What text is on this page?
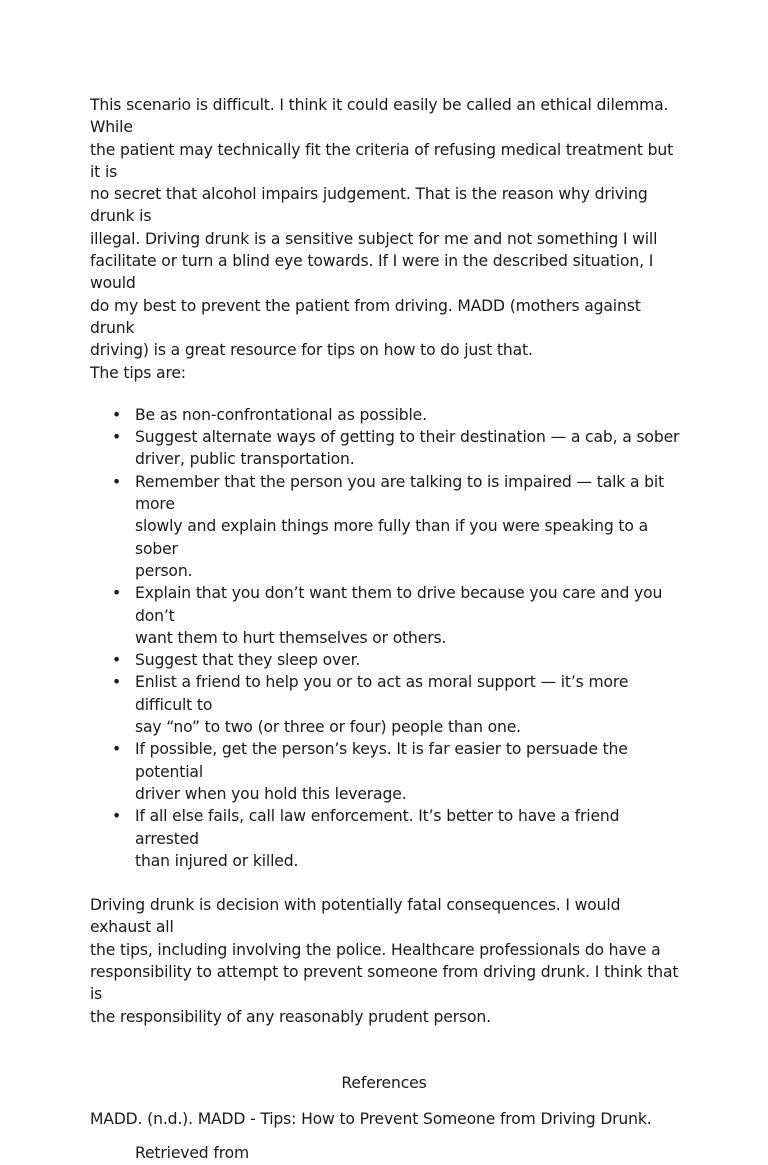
This scenario is difficult. I think it could easily be called an ethical dilemma. While
the patient may technically fit the criteria of refusing medical treatment but it is
no secret that alcohol impairs judgement. That is the reason why driving drunk is
illegal. Driving drunk is a sensitive subject for me and not something I will
facilitate or turn a blind eye towards. If I were in the described situation, I would
do my best to prevent the patient from driving. MADD (mothers against drunk
driving) is a great resource for tips on how to do just that.
The tips are:

• Be as non-confrontational as possible.
• Suggest alternate ways of getting to their destination — a cab, a sober
driver, public transportation.
• Remember that the person you are talking to is impaired — talk a bit more
slowly and explain things more fully than if you were speaking to a sober
person.
• Explain that you don’t want them to drive because you care and you don’t
want them to hurt themselves or others.
• Suggest that they sleep over.
• Enlist a friend to help you or to act as moral support — it’s more difficult to
say “no” to two (or three or four) people than one.
• If possible, get the person’s keys. It is far easier to persuade the potential
driver when you hold this leverage.
• If all else fails, call law enforcement. It’s better to have a friend arrested
than injured or killed.

Driving drunk is decision with potentially fatal consequences. I would exhaust all
the tips, including involving the police. Healthcare professionals do have a
responsibility to attempt to prevent someone from driving drunk. I think that is
the responsibility of any reasonably prudent person.

References

MADD. (n.d.). MADD - Tips: How to Prevent Someone from Driving Drunk.

Retrieved from
